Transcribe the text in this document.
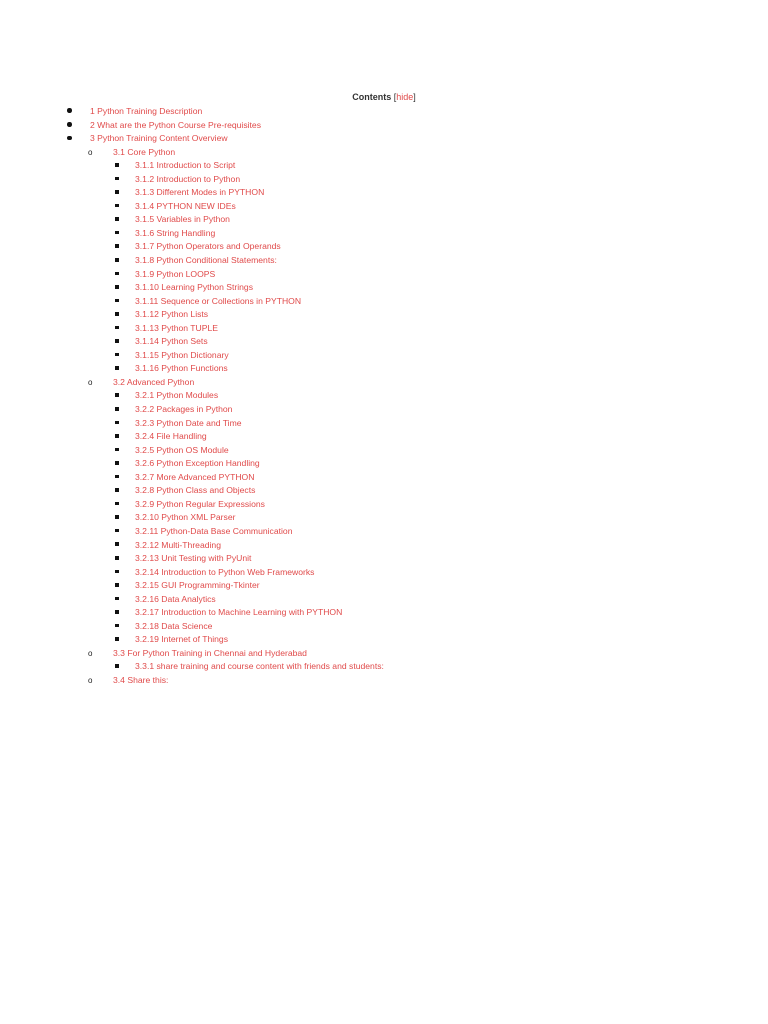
Contents [hide]
1 Python Training Description
2 What are the Python Course Pre-requisites
3 Python Training Content Overview
o
3.1 Core Python
3.1.1 Introduction to Script
3.1.2 Introduction to Python
3.1.3 Different Modes in PYTHON
3.1.4 PYTHON NEW IDEs
3.1.5 Variables in Python
3.1.6 String Handling
3.1.7 Python Operators and Operands
3.1.8 Python Conditional Statements:
3.1.9 Python LOOPS
3.1.10 Learning Python Strings
3.1.11 Sequence or Collections in PYTHON
3.1.12 Python Lists
3.1.13 Python TUPLE
3.1.14 Python Sets
3.1.15 Python Dictionary
3.1.16 Python Functions
o
3.2 Advanced Python
3.2.1 Python Modules
3.2.2 Packages in Python
3.2.3 Python Date and Time
3.2.4 File Handling
3.2.5 Python OS Module
3.2.6 Python Exception Handling
3.2.7 More Advanced PYTHON
3.2.8 Python Class and Objects
3.2.9 Python Regular Expressions
3.2.10 Python XML Parser
3.2.11 Python-Data Base Communication
3.2.12 Multi-Threading
3.2.13 Unit Testing with PyUnit
3.2.14 Introduction to Python Web Frameworks
3.2.15 GUI Programming-Tkinter
3.2.16 Data Analytics
3.2.17 Introduction to Machine Learning with PYTHON
3.2.18 Data Science
3.2.19 Internet of Things
o
3.3 For Python Training in Chennai and Hyderabad
3.3.1 share training and course content with friends and students:
o
3.4 Share this:
